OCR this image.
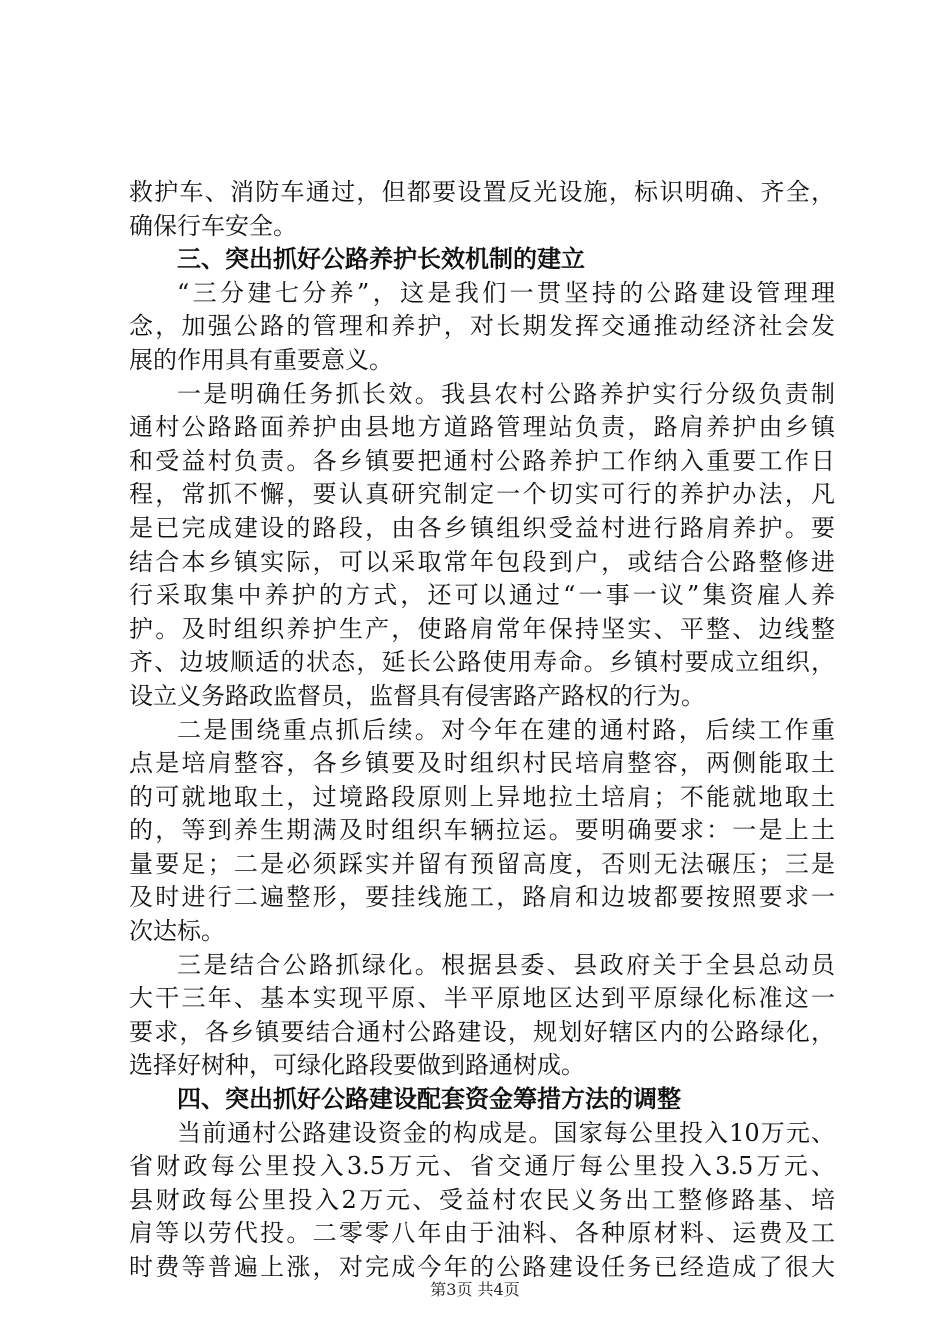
救护车、消防车通过，但都要设置反光设施，标识明确、齐全，
确保行车安全。
三、突出抓好公路养护长效机制的建立
“三分建七分养”，这是我们一贯坚持的公路建设管理理
念，加强公路的管理和养护，对长期发挥交通推动经济社会发
展的作用具有重要意义。
一是明确任务抓长效。我县农村公路养护实行分级负责制
通村公路路面养护由县地方道路管理站负责，路肩养护由乡镇
和受益村负责。各乡镇要把通村公路养护工作纳入重要工作日
程，常抓不懈，要认真研究制定一个切实可行的养护办法，凡
是已完成建设的路段，由各乡镇组织受益村进行路肩养护。要
结合本乡镇实际，可以采取常年包段到户，或结合公路整修进
行采取集中养护的方式，还可以通过“一事一议”集资雇人养
护。及时组织养护生产，使路肩常年保持坚实、平整、边线整
齐、边坡顺适的状态，延长公路使用寿命。乡镇村要成立组织，
设立义务路政监督员，监督具有侵害路产路权的行为。
二是围绕重点抓后续。对今年在建的通村路，后续工作重
点是培肩整容，各乡镇要及时组织村民培肩整容，两侧能取土
的可就地取土，过境路段原则上异地拉土培肩；不能就地取土
的，等到养生期满及时组织车辆拉运。要明确要求：一是上土
量要足；二是必须踩实并留有预留高度，否则无法碾压；三是
及时进行二遍整形，要挂线施工，路肩和边坡都要按照要求一
次达标。
三是结合公路抓绿化。根据县委、县政府关于全县总动员
大干三年、基本实现平原、半平原地区达到平原绿化标准这一
要求，各乡镇要结合通村公路建设，规划好辖区内的公路绿化，
选择好树种，可绿化路段要做到路通树成。
四、突出抓好公路建设配套资金筹措方法的调整
当前通村公路建设资金的构成是。国家每公里投入10万元、
省财政每公里投入3.5万元、省交通厅每公里投入3.5万元、
县财政每公里投入2万元、受益村农民义务出工整修路基、培
肩等以劳代投。二零零八年由于油料、各种原材料、运费及工
时费等普遍上涨，对完成今年的公路建设任务已经造成了很大
第3页 共4页
